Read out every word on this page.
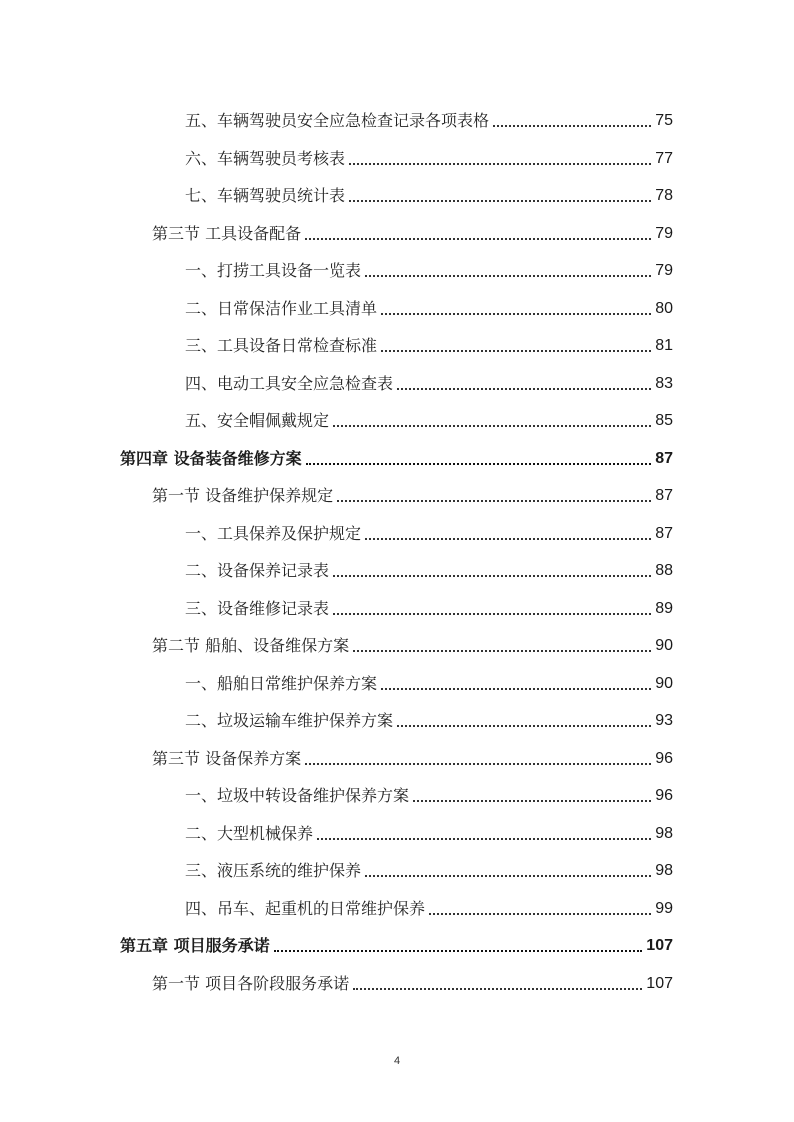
五、车辆驾驶员安全应急检查记录各项表格	75
六、车辆驾驶员考核表	77
七、车辆驾驶员统计表	78
第三节 工具设备配备	79
一、打捞工具设备一览表	79
二、日常保洁作业工具清单	80
三、工具设备日常检查标准	81
四、电动工具安全应急检查表	83
五、安全帽佩戴规定	85
第四章 设备装备维修方案	87
第一节 设备维护保养规定	87
一、工具保养及保护规定	87
二、设备保养记录表	88
三、设备维修记录表	89
第二节 船舶、设备维保方案	90
一、船舶日常维护保养方案	90
二、垃圾运输车维护保养方案	93
第三节 设备保养方案	96
一、垃圾中转设备维护保养方案	96
二、大型机械保养	98
三、液压系统的维护保养	98
四、吊车、起重机的日常维护保养	99
第五章 项目服务承诺	107
第一节 项目各阶段服务承诺	107
4
